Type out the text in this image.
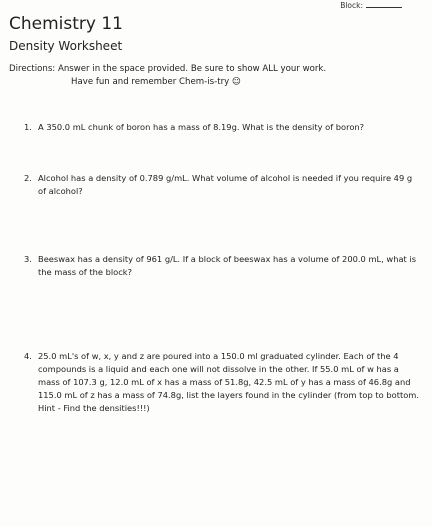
Block:
Chemistry 11
Density Worksheet
Directions: Answer in the space provided. Be sure to show ALL your work.
Have fun and remember Chem-is-try ☺
1. A 350.0 mL chunk of boron has a mass of 8.19g. What is the density of boron?
2. Alcohol has a density of 0.789 g/mL. What volume of alcohol is needed if you require 49 g of alcohol?
3. Beeswax has a density of 961 g/L. If a block of beeswax has a volume of 200.0 mL, what is the mass of the block?
4. 25.0 mL's of w, x, y and z are poured into a 150.0 ml graduated cylinder. Each of the 4 compounds is a liquid and each one will not dissolve in the other. If 55.0 mL of w has a mass of 107.3 g, 12.0 mL of x has a mass of 51.8g, 42.5 mL of y has a mass of 46.8g and 115.0 mL of z has a mass of 74.8g, list the layers found in the cylinder (from top to bottom. Hint - Find the densities!!!)
